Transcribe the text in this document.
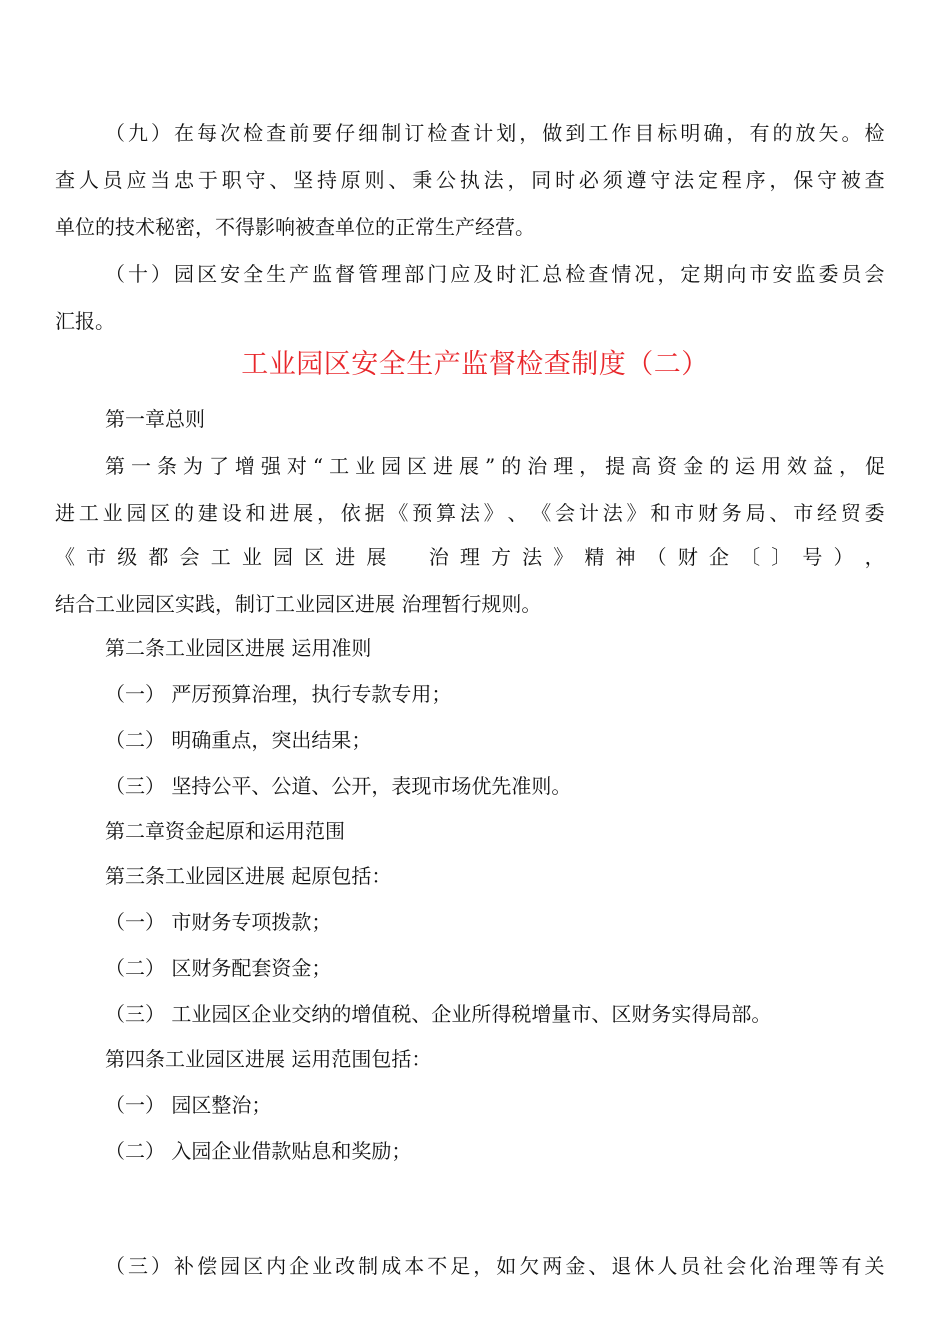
（ 九 ） 在 每 次 检 查 前 要 仔 细 制 订 检 查 计 划 ， 做 到 工 作 目 标 明 确 ， 有 的 放 矢 。 检
查 人 员 应 当 忠 于 职 守 、 坚 持 原 则 、 秉 公 执 法 ， 同 时 必 须 遵 守 法 定 程 序 ， 保 守 被 查
单位的技术秘密，不得影响被查单位的正常生产经营。
（ 十 ） 园 区 安 全 生 产 监 督 管 理 部 门 应 及 时 汇 总 检 查 情 况 ， 定 期 向 市 安 监 委 员 会
汇报。
工业园区安全生产监督检查制度（二）
第一章总则
第 一 条 为 了 增 强 对 “ 工 业 园 区 进 展 ” 的 治 理 ， 提 高 资 金 的 运 用 效 益 ， 促
进 工 业 园 区 的 建 设 和 进 展 ， 依 据 《 预 算 法 》 、 《 会 计 法 》 和 市 财 务 局 、 市 经 贸 委
《 市 级 都 会 工 业 园 区 进 展
　 治 理 方 法 》 精 神 （ 财 企 〔 〕 号 ） ，
结合工业园区实践，制订工业园区进展 治理暂行规则。
第二条工业园区进展 运用准则
（一） 严厉预算治理，执行专款专用；
（二） 明确重点，突出结果；
（三） 坚持公平、公道、公开，表现市场优先准则。
第二章资金起原和运用范围
第三条工业园区进展 起原包括：
（一） 市财务专项拨款；
（二） 区财务配套资金；
（三） 工业园区企业交纳的增值税、企业所得税增量市、区财务实得局部。
第四条工业园区进展 运用范围包括：
（一） 园区整治；
（二） 入园企业借款贴息和奖励；
（ 三 ） 补 偿 园 区 内 企 业 改 制 成 本 不 足 ， 如 欠 两 金 、 退 休 人 员 社 会 化 治 理 等 有 关
